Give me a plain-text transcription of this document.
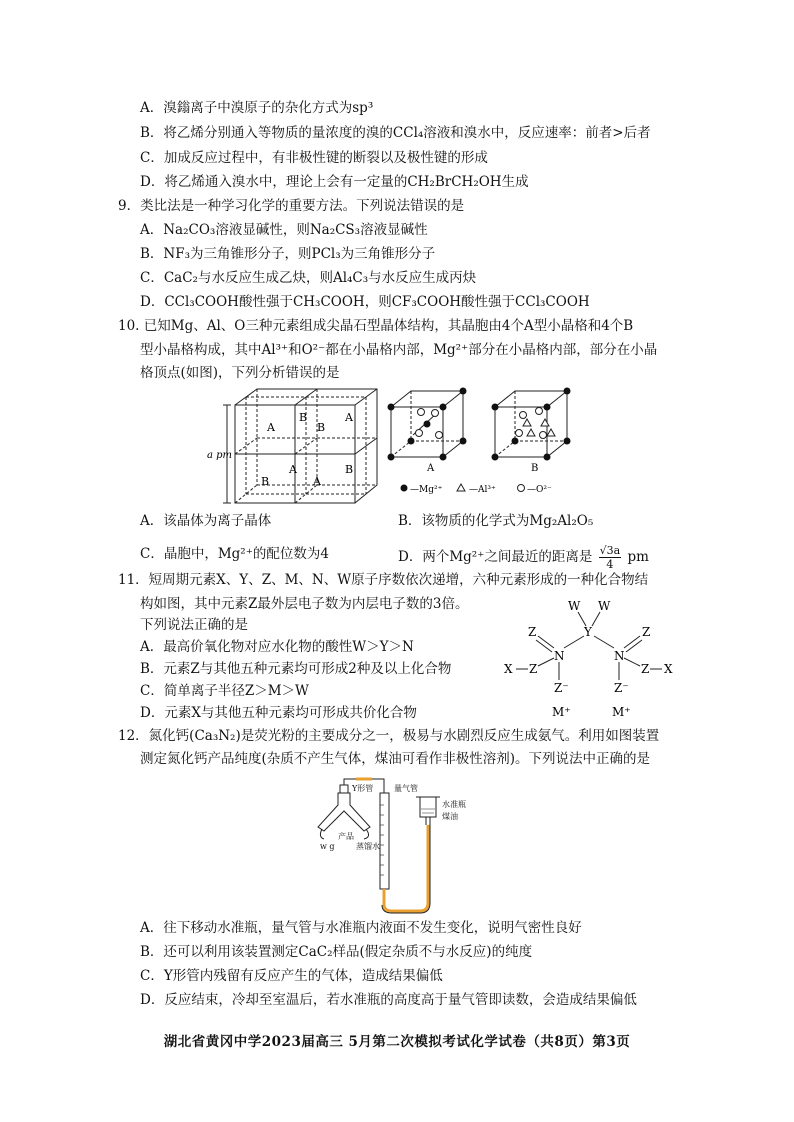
A．溴鎓离子中溴原子的杂化方式为sp³
B．将乙烯分别通入等物质的量浓度的溴的CCl₄溶液和溴水中，反应速率：前者>后者
C．加成反应过程中，有非极性键的断裂以及极性键的形成
D．将乙烯通入溴水中，理论上会有一定量的CH₂BrCH₂OH生成
9．类比法是一种学习化学的重要方法。下列说法错误的是
A．Na₂CO₃溶液显碱性，则Na₂CS₃溶液显碱性
B．NF₃为三角锥形分子，则PCl₃为三角锥形分子
C．CaC₂与水反应生成乙炔，则Al₄C₃与水反应生成丙炔
D．CCl₃COOH酸性强于CH₃COOH，则CF₃COOH酸性强于CCl₃COOH
10. 已知Mg、Al、O三种元素组成尖晶石型晶体结构，其晶胞由4个A型小晶格和4个B
型小晶格构成，其中Al³⁺和O²⁻都在小晶格内部，Mg²⁺部分在小晶格内部，部分在小晶
格顶点(如图)，下列分析错误的是
a pm
A
B
B
A
B
A
A
B	A	B
—Mg²⁺	—Al³⁺	—O²⁻
A．该晶体为离子晶体	B．该物质的化学式为Mg₂Al₂O₅
C．晶胞中，Mg²⁺的配位数为4	D．两个Mg²⁺之间最近的距离是 $\frac{√3a}{4}$ pm
11．短周期元素X、Y、Z、M、N、W原子序数依次递增，六种元素形成的一种化合物结
构如图，其中元素Z最外层电子数为内层电子数的3倍。
下列说法正确的是
A．最高价氧化物对应水化物的酸性W＞Y＞N
B．元素Z与其他五种元素均可形成2种及以上化合物
C．简单离子半径Z＞M＞W
D．元素X与其他五种元素均可形成共价化合物
W W
Y
Z	Z
N	N
Z	Z
X	X
Z⁻	Z⁻
M⁺	M⁺
12．氮化钙(Ca₃N₂)是荧光粉的主要成分之一，极易与水剧烈反应生成氨气。利用如图装置
测定氮化钙产品纯度(杂质不产生气体，煤油可看作非极性溶剂)。下列说法中正确的是
Y形管	量气管
水准瓶
煤油
产品
w g	蒸馏水
A．往下移动水准瓶，量气管与水准瓶内液面不发生变化，说明气密性良好
B．还可以利用该装置测定CaC₂样品(假定杂质不与水反应)的纯度
C．Y形管内残留有反应产生的气体，造成结果偏低
D．反应结束，冷却至室温后，若水准瓶的高度高于量气管即读数，会造成结果偏低
湖北省黄冈中学2023届高三 5月第二次模拟考试化学试卷（共8页）第3页
